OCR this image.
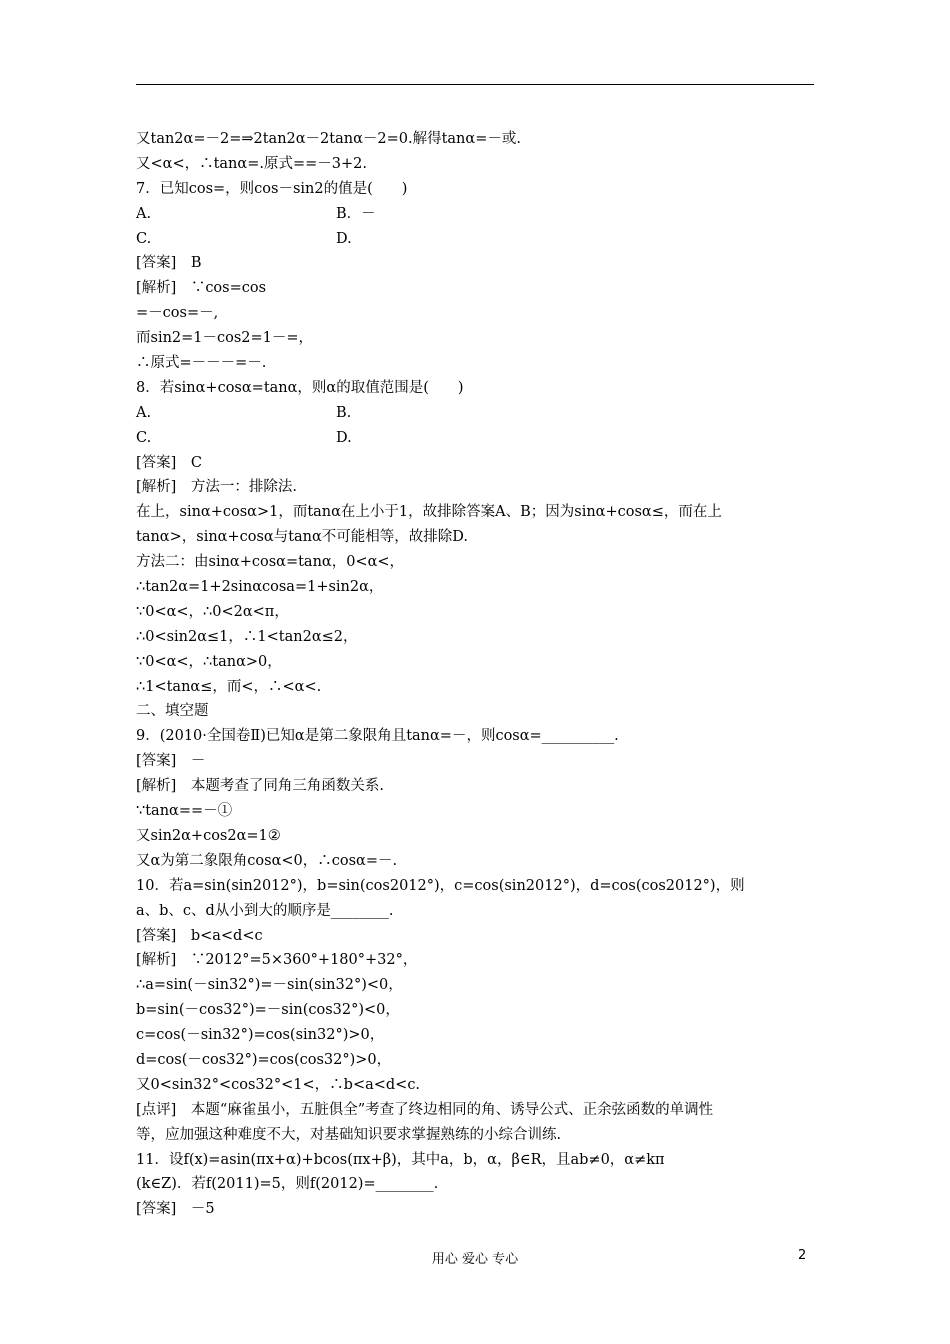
又tan2α=－2=⇒2tan2α－2tanα－2=0.解得tanα=－或.
又<α<，∴tanα=.原式==－3+2.
7．已知cos=，则cos－sin2的值是(　　)
A.	B．－
C.	D.
[答案]　B
[解析]　∵cos=cos
=－cos=－,
而sin2=1－cos2=1－=，
∴原式=－－－=－.
8．若sinα+cosα=tanα，则α的取值范围是(　　)
A.	B.
C.	D.
[答案]　C
[解析]　方法一：排除法.
在上，sinα+cosα>1，而tanα在上小于1，故排除答案A、B；因为sinα+cosα≤，而在上
tanα>，sinα+cosα与tanα不可能相等，故排除D.
方法二：由sinα+cosα=tanα，0<α<，
∴tan2α=1+2sinαcosa=1+sin2α，
∵0<α<，∴0<2α<π，
∴0<sin2α≤1，∴1<tan2α≤2，
∵0<α<，∴tanα>0，
∴1<tanα≤，而<，∴<α<.
二、填空题
9．(2010·全国卷Ⅱ)已知α是第二象限角且tanα=－，则cosα=__________.
[答案]　－
[解析]　本题考查了同角三角函数关系.
∵tanα==－①
又sin2α+cos2α=1②
又α为第二象限角cosα<0，∴cosα=－.
10．若a=sin(sin2012°)，b=sin(cos2012°)，c=cos(sin2012°)，d=cos(cos2012°)，则
a、b、c、d从小到大的顺序是________.
[答案]　b<a<d<c
[解析]　∵2012°=5×360°+180°+32°，
∴a=sin(－sin32°)=－sin(sin32°)<0，
b=sin(－cos32°)=－sin(cos32°)<0，
c=cos(－sin32°)=cos(sin32°)>0，
d=cos(－cos32°)=cos(cos32°)>0，
又0<sin32°<cos32°<1<，∴b<a<d<c.
[点评]　本题“麻雀虽小，五脏俱全”考查了终边相同的角、诱导公式、正余弦函数的单调性
等，应加强这种难度不大，对基础知识要求掌握熟练的小综合训练.
11．设f(x)=asin(πx+α)+bcos(πx+β)，其中a，b，α，β∈R，且ab≠0，α≠kπ
(k∈Z)．若f(2011)=5，则f(2012)=________.
[答案]　－5
用心 爱心 专心	2
